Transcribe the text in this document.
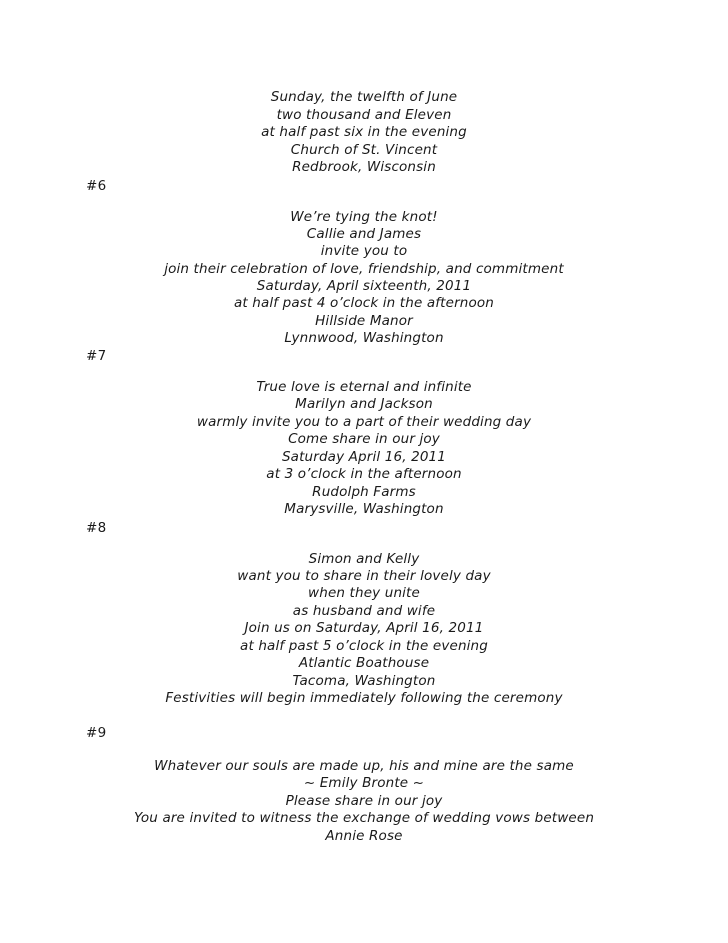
Sunday, the twelfth of June
two thousand and Eleven
at half past six in the evening
Church of St. Vincent
Redbrook, Wisconsin
#6
We’re tying the knot!
Callie and James
invite you to
join their celebration of love, friendship, and commitment
Saturday, April sixteenth, 2011
at half past 4 o’clock in the afternoon
Hillside Manor
Lynnwood, Washington
#7
True love is eternal and infinite
Marilyn and Jackson
warmly invite you to a part of their wedding day
Come share in our joy
Saturday April 16, 2011
at 3 o’clock in the afternoon
Rudolph Farms
Marysville, Washington
#8
Simon and Kelly
want you to share in their lovely day
when they unite
as husband and wife
Join us on Saturday, April 16, 2011
at half past 5 o’clock in the evening
Atlantic Boathouse
Tacoma, Washington
Festivities will begin immediately following the ceremony
#9
Whatever our souls are made up, his and mine are the same
~ Emily Bronte ~
Please share in our joy
You are invited to witness the exchange of wedding vows between
Annie Rose
